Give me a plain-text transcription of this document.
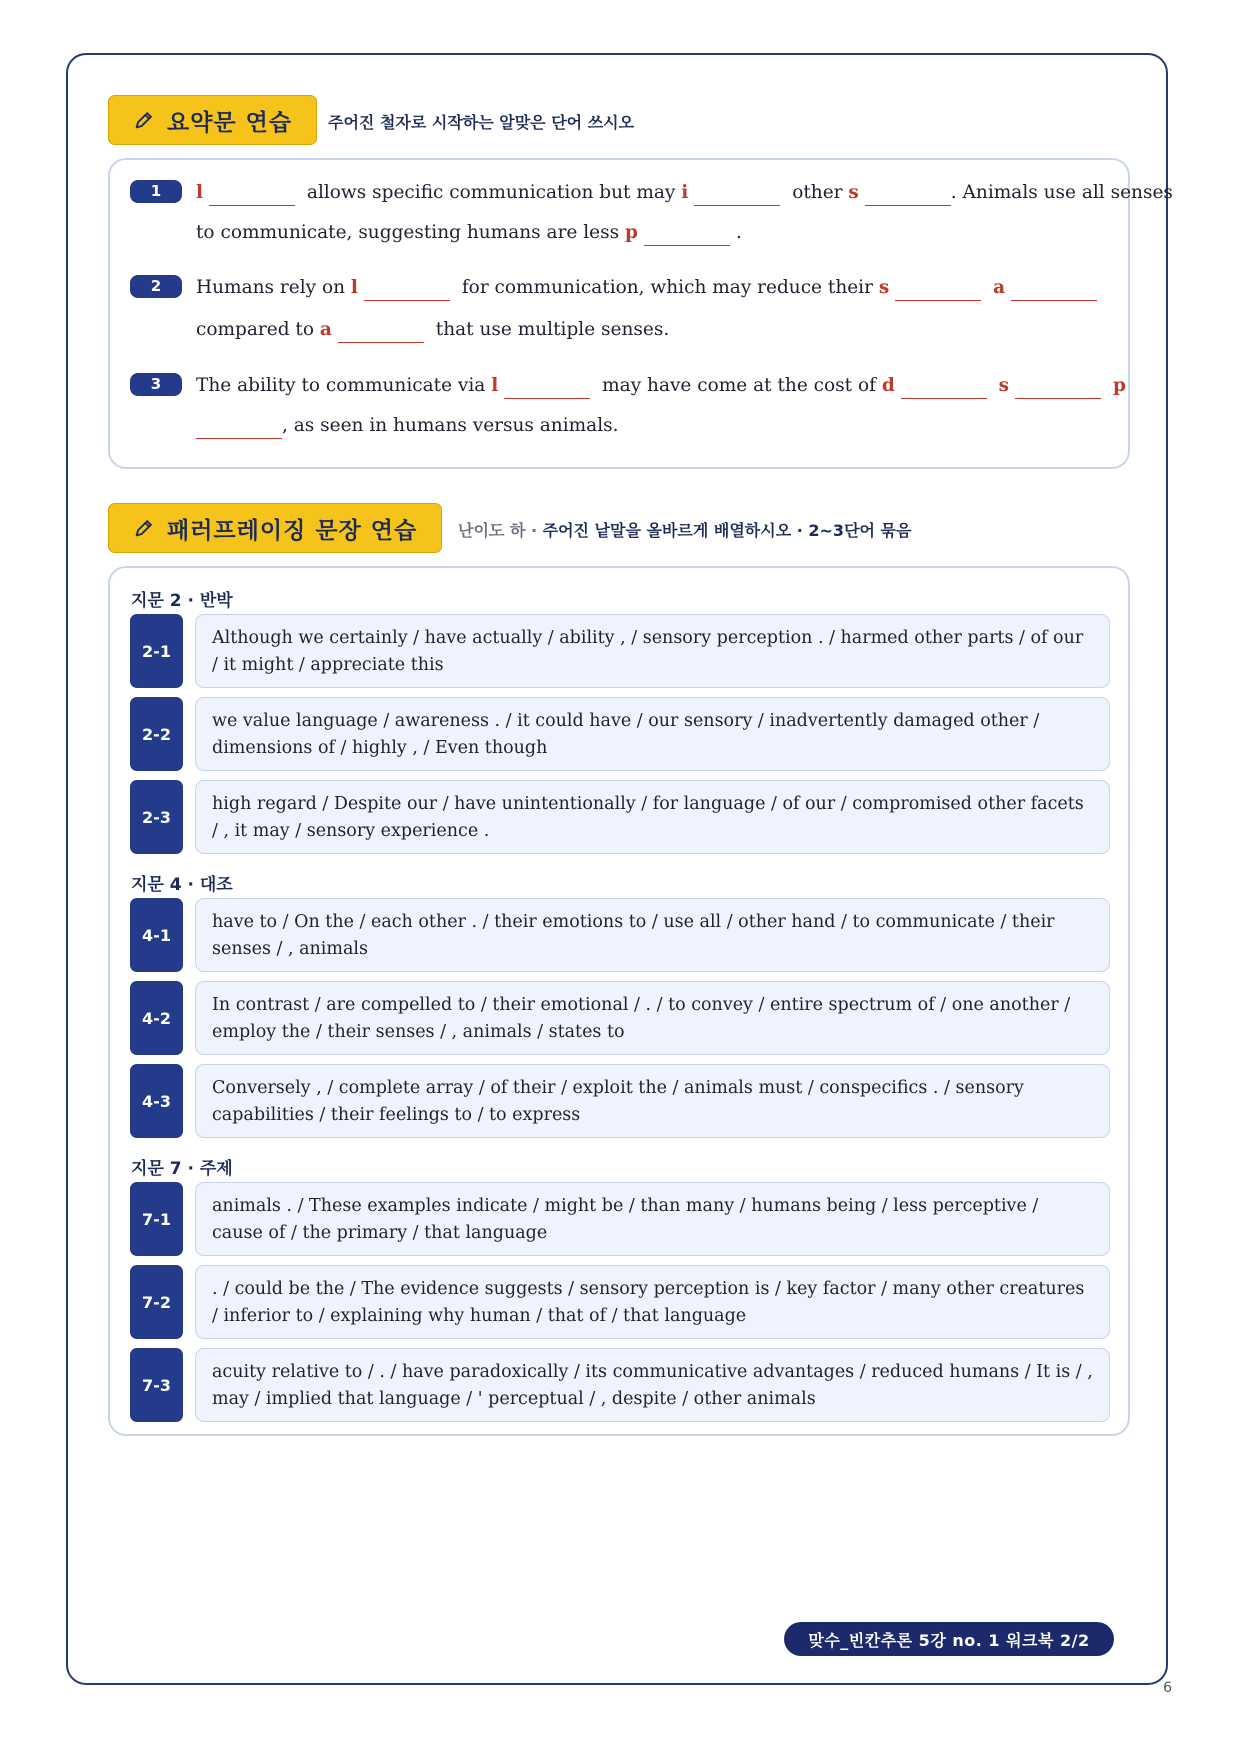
요약문 연습 주어진 철자로 시작하는 알맞은 단어 쓰시오
1	l	allows specific communication but may i	other s	. Animals use all senses
to communicate, suggesting humans are less p	.
2	Humans rely on l	for communication, which may reduce their s	a
compared to a	that use multiple senses.
3	The ability to communicate via l	may have come at the cost of d	s	p
, as seen in humans versus animals.
패러프레이징 문장 연습	난이도 하 · 주어진 낱말을 올바르게 배열하시오 · 2~3단어 묶음
지문 2 · 반박
2-1
Although we certainly / have actually / ability , / sensory perception . / harmed other parts / of our / it might / appreciate this
2-2
we value language / awareness . / it could have / our sensory / inadvertently damaged other / dimensions of / highly , / Even though
2-3
high regard / Despite our / have unintentionally / for language / of our / compromised other facets / , it may / sensory experience .
지문 4 · 대조
4-1
have to / On the / each other . / their emotions to / use all / other hand / to communicate / their senses / , animals
4-2
In contrast / are compelled to / their emotional / . / to convey / entire spectrum of / one another / employ the / their senses / , animals / states to
4-3
Conversely , / complete array / of their / exploit the / animals must / conspecifics . / sensory capabilities / their feelings to / to express
지문 7 · 주제
7-1
animals . / These examples indicate / might be / than many / humans being / less perceptive / cause of / the primary / that language
7-2
. / could be the / The evidence suggests / sensory perception is / key factor / many other creatures / inferior to / explaining why human / that of / that language
7-3
acuity relative to / . / have paradoxically / its communicative advantages / reduced humans / It is / , may / implied that language / ' perceptual / , despite / other animals
맞수_빈칸추론 5강 no. 1 워크북 2/2
6
